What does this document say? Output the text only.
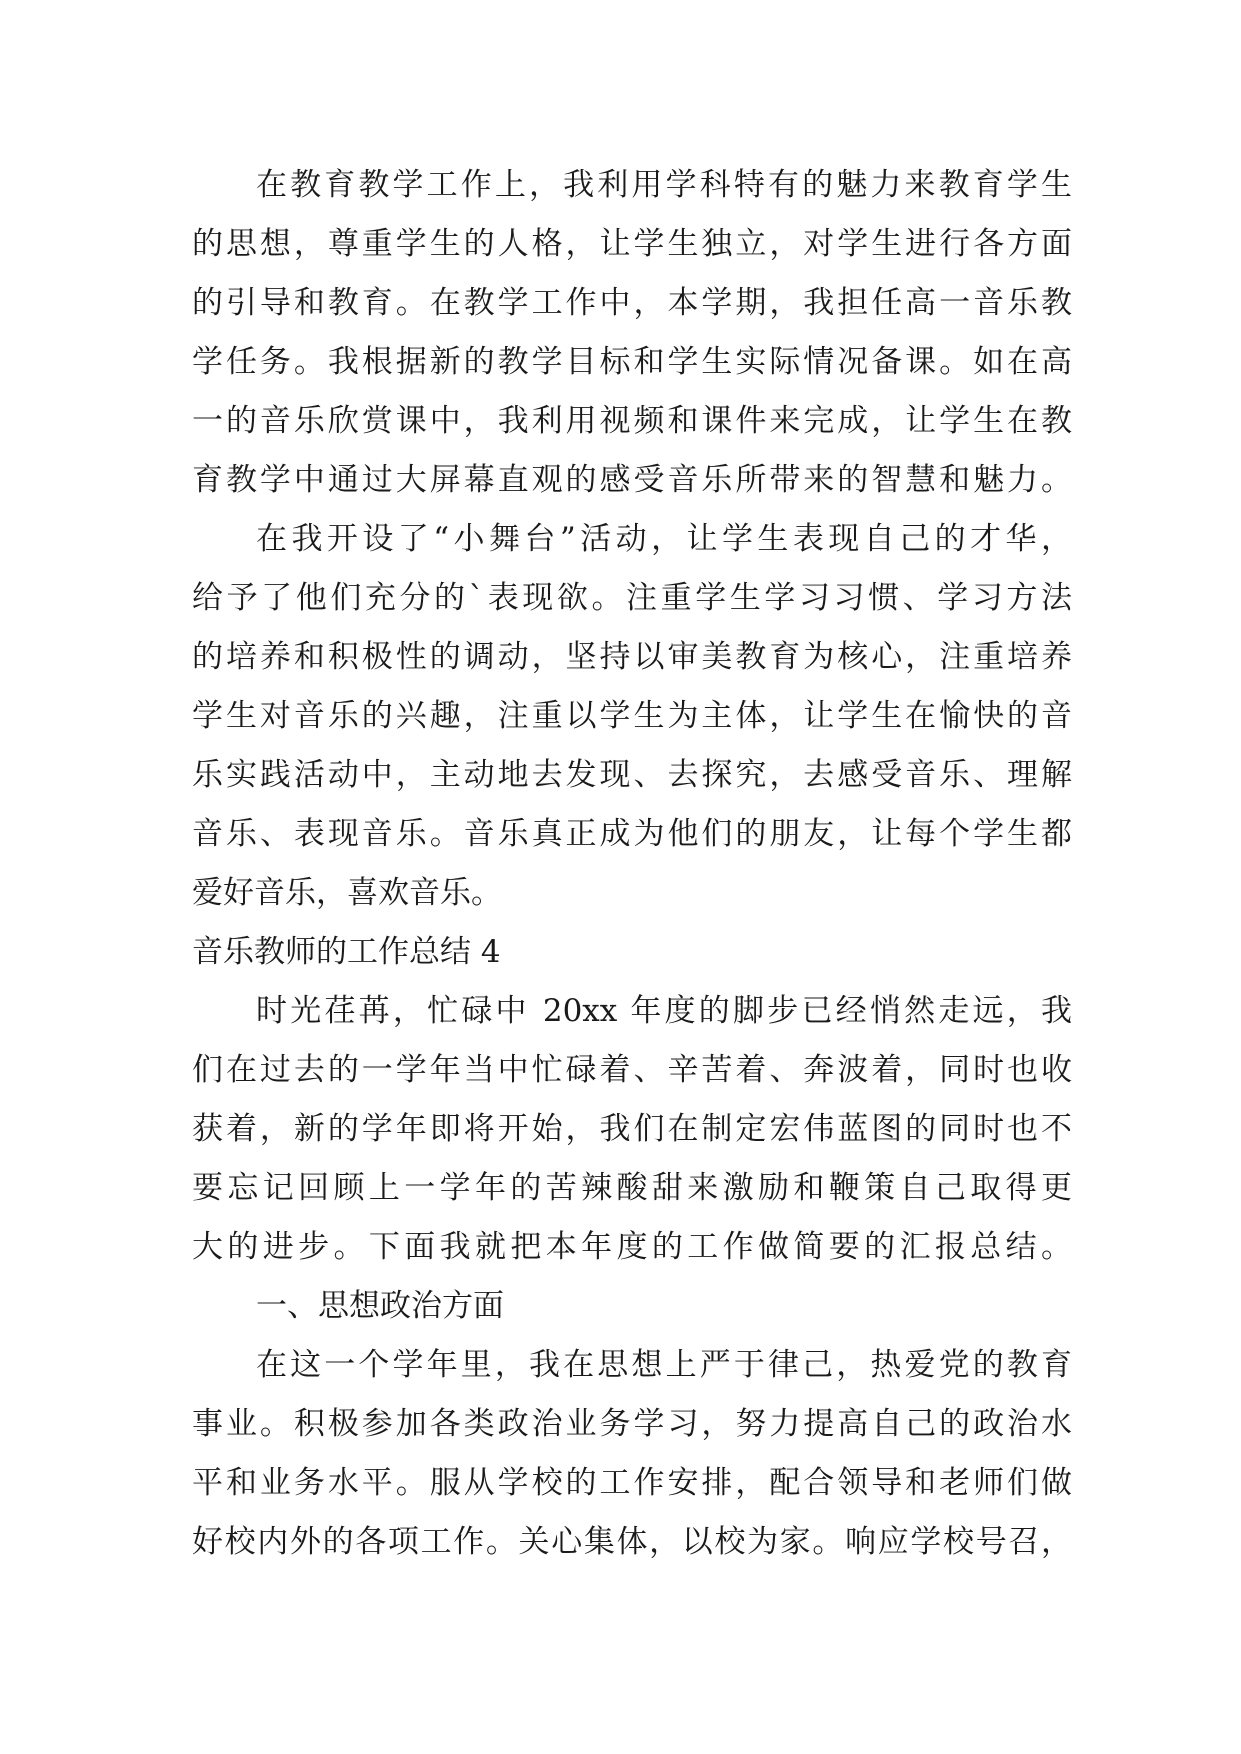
在教育教学工作上，我利用学科特有的魅力来教育学生
的思想，尊重学生的人格，让学生独立，对学生进行各方面
的引导和教育。在教学工作中，本学期，我担任高一音乐教
学任务。我根据新的教学目标和学生实际情况备课。如在高
一的音乐欣赏课中，我利用视频和课件来完成，让学生在教
育教学中通过大屏幕直观的感受音乐所带来的智慧和魅力。
在我开设了“小舞台”活动，让学生表现自己的才华，
给予了他们充分的`表现欲。注重学生学习习惯、学习方法
的培养和积极性的调动，坚持以审美教育为核心，注重培养
学生对音乐的兴趣，注重以学生为主体，让学生在愉快的音
乐实践活动中，主动地去发现、去探究，去感受音乐、理解
音乐、表现音乐。音乐真正成为他们的朋友，让每个学生都
爱好音乐，喜欢音乐。
音乐教师的工作总结 4
时光荏苒，忙碌中 20xx 年度的脚步已经悄然走远，我
们在过去的一学年当中忙碌着、辛苦着、奔波着，同时也收
获着，新的学年即将开始，我们在制定宏伟蓝图的同时也不
要忘记回顾上一学年的苦辣酸甜来激励和鞭策自己取得更
大的进步。下面我就把本年度的工作做简要的汇报总结。
一、思想政治方面
在这一个学年里，我在思想上严于律己，热爱党的教育
事业。积极参加各类政治业务学习，努力提高自己的政治水
平和业务水平。服从学校的工作安排，配合领导和老师们做
好校内外的各项工作。关心集体，以校为家。响应学校号召，
